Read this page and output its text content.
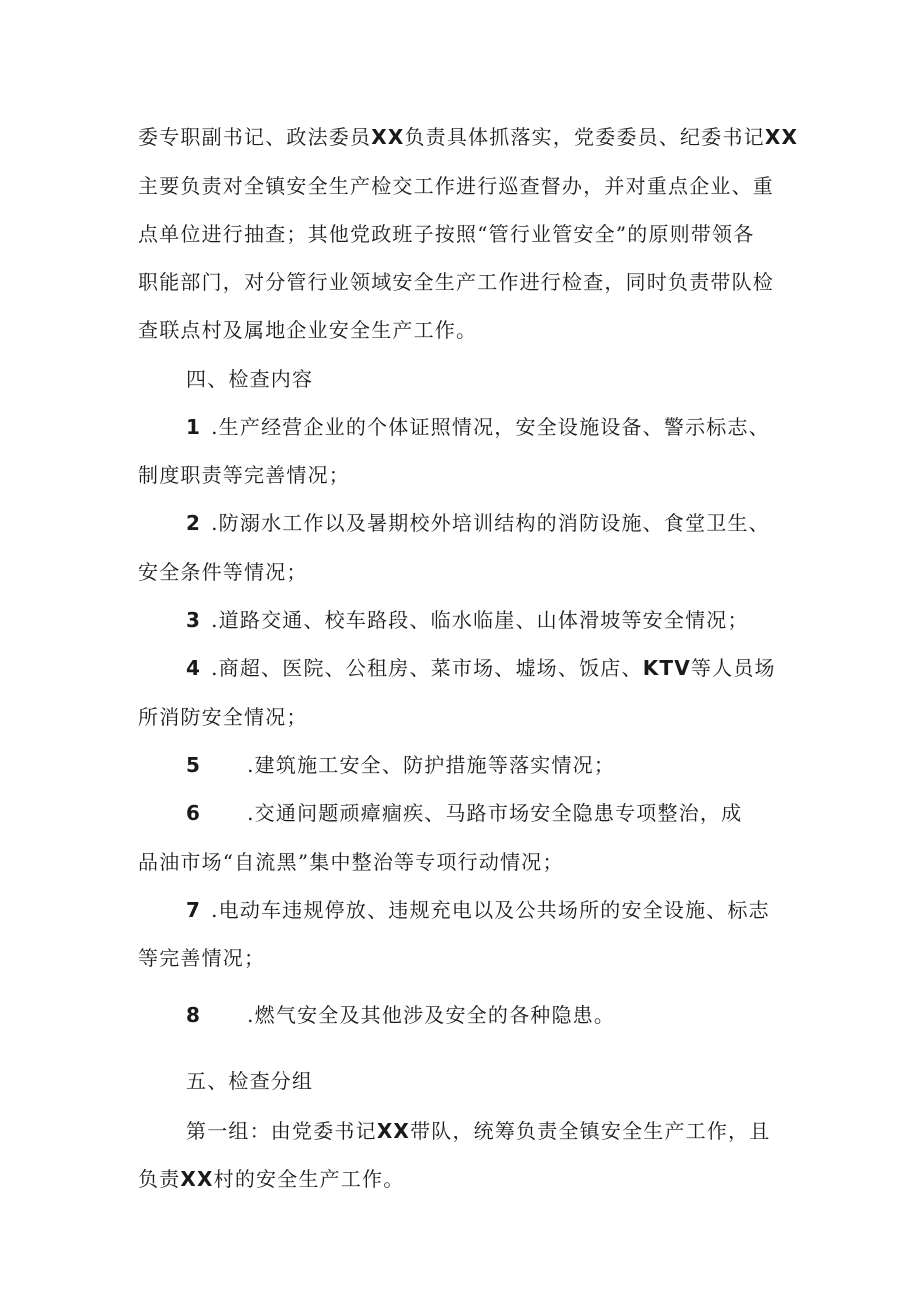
委专职副书记、政法委员XX负责具体抓落实，党委委员、纪委书记XX
主要负责对全镇安全生产检交工作进行巡查督办，并对重点企业、重
点单位进行抽查；其他党政班子按照“管行业管安全”的原则带领各
职能部门，对分管行业领域安全生产工作进行检查，同时负责带队检
查联点村及属地企业安全生产工作。
四、检查内容
1 .生产经营企业的个体证照情况，安全设施设备、警示标志、
制度职责等完善情况；
2 .防溺水工作以及暑期校外培训结构的消防设施、食堂卫生、
安全条件等情况；
3 .道路交通、校车路段、临水临崖、山体滑坡等安全情况；
4 .商超、医院、公租房、菜市场、墟场、饭店、KTV等人员场
所消防安全情况；
5 .建筑施工安全、防护措施等落实情况；
6 .交通问题顽瘴痼疾、马路市场安全隐患专项整治，成
品油市场“自流黑”集中整治等专项行动情况；
7 .电动车违规停放、违规充电以及公共场所的安全设施、标志
等完善情况；
8 .燃气安全及其他涉及安全的各种隐患。
五、检查分组
第一组：由党委书记XX带队，统筹负责全镇安全生产工作，且
负责XX村的安全生产工作。
